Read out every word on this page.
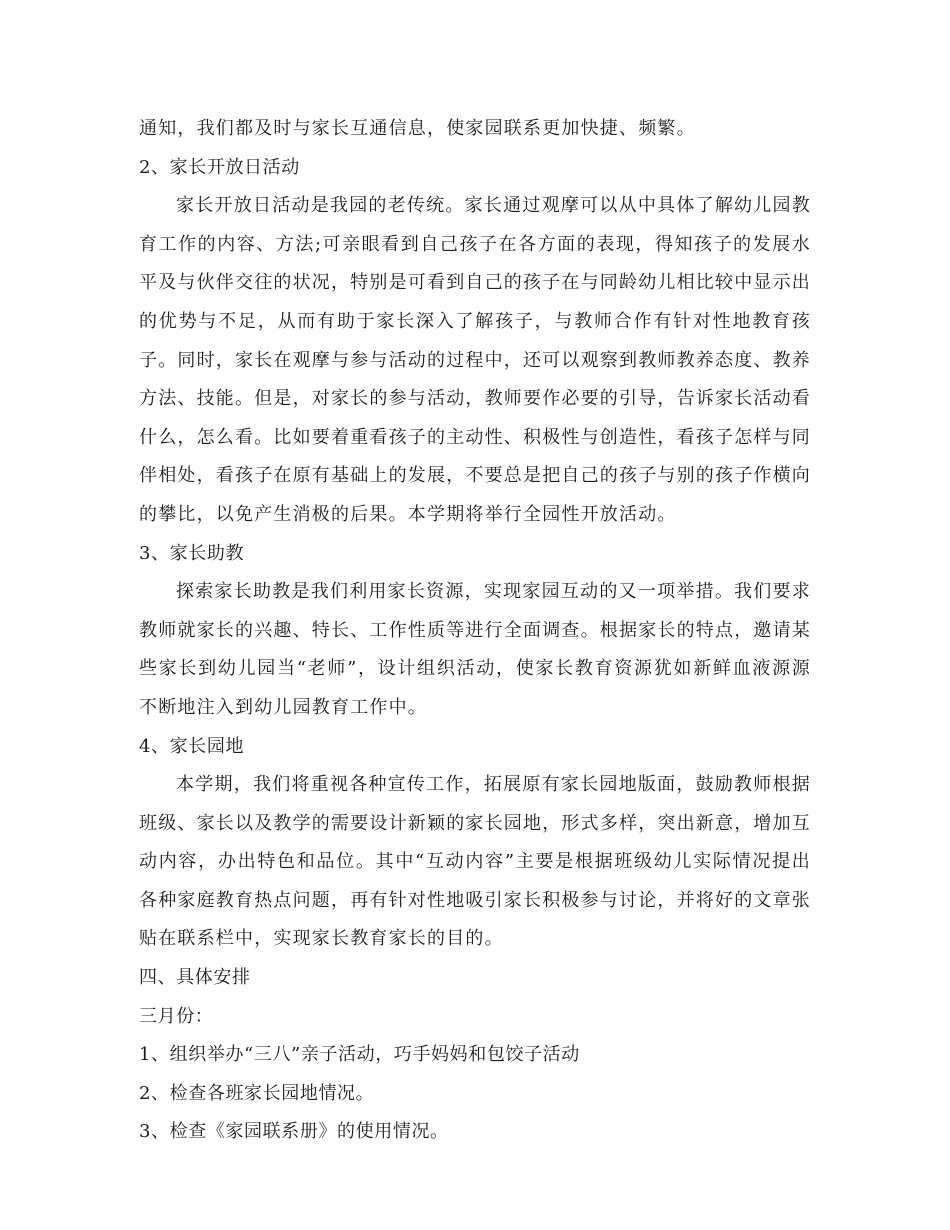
通知，我们都及时与家长互通信息，使家园联系更加快捷、频繁。

2、家长开放日活动

家长开放日活动是我园的老传统。家长通过观摩可以从中具体了解幼儿园教育工作的内容、方法;可亲眼看到自己孩子在各方面的表现，得知孩子的发展水平及与伙伴交往的状况，特别是可看到自己的孩子在与同龄幼儿相比较中显示出的优势与不足，从而有助于家长深入了解孩子，与教师合作有针对性地教育孩子。同时，家长在观摩与参与活动的过程中，还可以观察到教师教养态度、教养方法、技能。但是，对家长的参与活动，教师要作必要的引导，告诉家长活动看什么，怎么看。比如要着重看孩子的主动性、积极性与创造性，看孩子怎样与同伴相处，看孩子在原有基础上的发展，不要总是把自己的孩子与别的孩子作横向的攀比，以免产生消极的后果。本学期将举行全园性开放活动。

3、家长助教

探索家长助教是我们利用家长资源，实现家园互动的又一项举措。我们要求教师就家长的兴趣、特长、工作性质等进行全面调查。根据家长的特点，邀请某些家长到幼儿园当“老师”，设计组织活动，使家长教育资源犹如新鲜血液源源不断地注入到幼儿园教育工作中。

4、家长园地

本学期，我们将重视各种宣传工作，拓展原有家长园地版面，鼓励教师根据班级、家长以及教学的需要设计新颖的家长园地，形式多样，突出新意，增加互动内容，办出特色和品位。其中“互动内容”主要是根据班级幼儿实际情况提出各种家庭教育热点问题，再有针对性地吸引家长积极参与讨论，并将好的文章张贴在联系栏中，实现家长教育家长的目的。

四、具体安排

三月份：

1、组织举办“三八”亲子活动，巧手妈妈和包饺子活动

2、检查各班家长园地情况。

3、检查《家园联系册》的使用情况。
